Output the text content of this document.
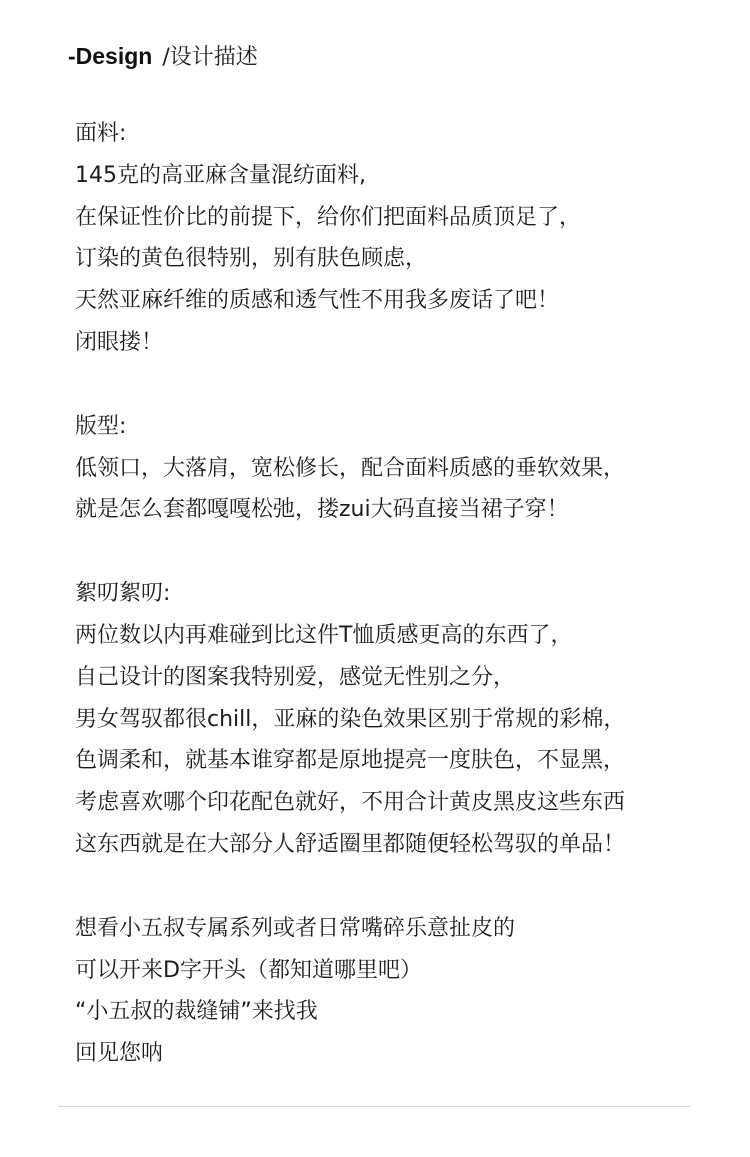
-Design /设计描述
面料:
145克的高亚麻含量混纺面料,
在保证性价比的前提下，给你们把面料品质顶足了，
订染的黄色很特别，别有肤色顾虑，
天然亚麻纤维的质感和透气性不用我多废话了吧！
闭眼搂！
版型:
低领口，大落肩，宽松修长，配合面料质感的垂软效果，
就是怎么套都嘎嘎松弛，搂zui大码直接当裙子穿！
絮叨絮叨:
两位数以内再难碰到比这件T恤质感更高的东西了，
自己设计的图案我特别爱，感觉无性别之分，
男女驾驭都很chill，亚麻的染色效果区别于常规的彩棉，
色调柔和，就基本谁穿都是原地提亮一度肤色，不显黑，
考虑喜欢哪个印花配色就好，不用合计黄皮黑皮这些东西
这东西就是在大部分人舒适圈里都随便轻松驾驭的单品！
想看小五叔专属系列或者日常嘴碎乐意扯皮的
可以开来D字开头（都知道哪里吧）
“小五叔的裁缝铺”来找我
回见您呐
